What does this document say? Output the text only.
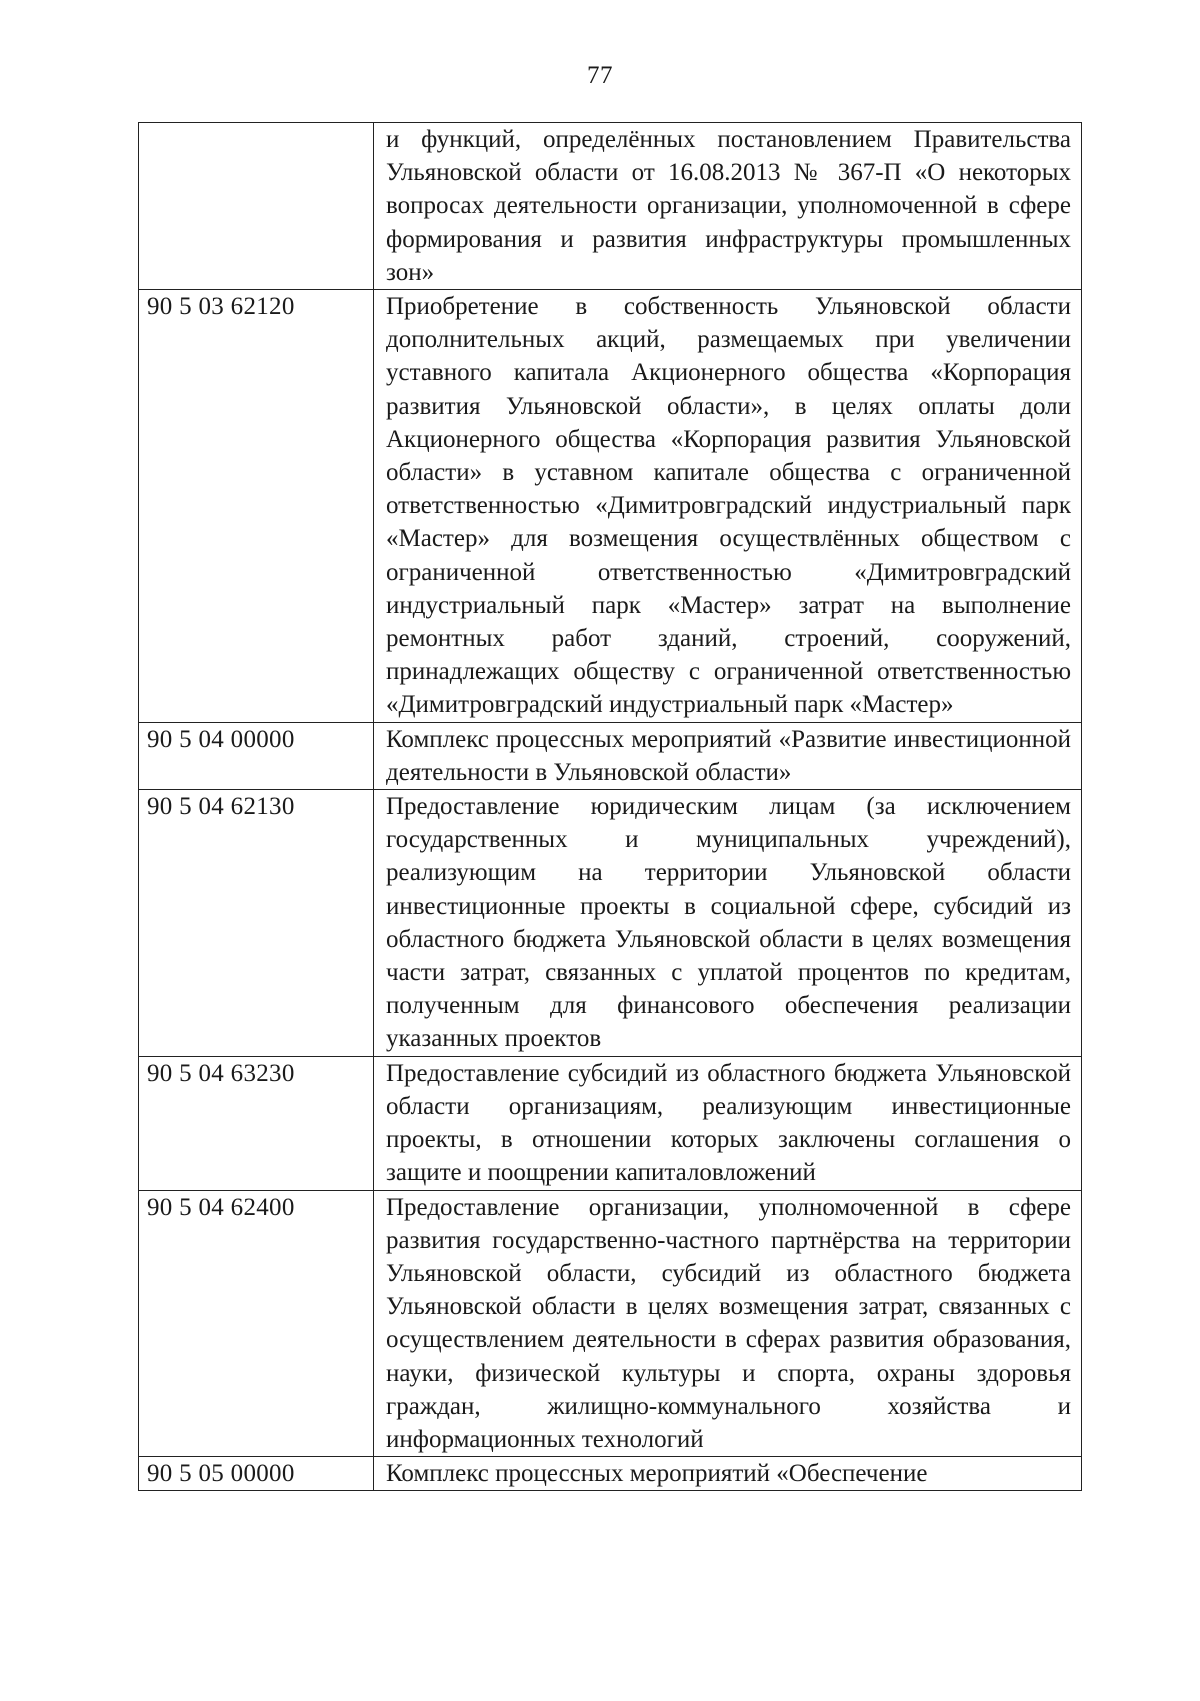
77
	и функций, определённых постановлением Правительства Ульяновской области от 16.08.2013 № 367-П «О некоторых вопросах деятельности организации, уполномоченной в сфере формирования и развития инфраструктуры промышленных зон»
90 5 03 62120	Приобретение в собственность Ульяновской области дополнительных акций, размещаемых при увеличении уставного капитала Акционерного общества «Корпорация развития Ульяновской области», в целях оплаты доли Акционерного общества «Корпорация развития Ульяновской области» в уставном капитале общества с ограниченной ответственностью «Димитровградский индустриальный парк «Мастер» для возмещения осуществлённых обществом с ограниченной ответственностью «Димитровградский индустриальный парк «Мастер» затрат на выполнение ремонтных работ зданий, строений, сооружений, принадлежащих обществу с ограниченной ответственностью «Димитровградский индустриальный парк «Мастер»
90 5 04 00000	Комплекс процессных мероприятий «Развитие инвестиционной деятельности в Ульяновской области»
90 5 04 62130	Предоставление юридическим лицам (за исключением государственных и муниципальных учреждений), реализующим на территории Ульяновской области инвестиционные проекты в социальной сфере, субсидий из областного бюджета Ульяновской области в целях возмещения части затрат, связанных с уплатой процентов по кредитам, полученным для финансового обеспечения реализации указанных проектов
90 5 04 63230	Предоставление субсидий из областного бюджета Ульяновской области организациям, реализующим инвестиционные проекты, в отношении которых заключены соглашения о защите и поощрении капиталовложений
90 5 04 62400	Предоставление организации, уполномоченной в сфере развития государственно-частного партнёрства на территории Ульяновской области, субсидий из областного бюджета Ульяновской области в целях возмещения затрат, связанных с осуществлением деятельности в сферах развития образования, науки, физической культуры и спорта, охраны здоровья граждан, жилищно-коммунального хозяйства и информационных технологий
90 5 05 00000	Комплекс процессных мероприятий «Обеспечение
